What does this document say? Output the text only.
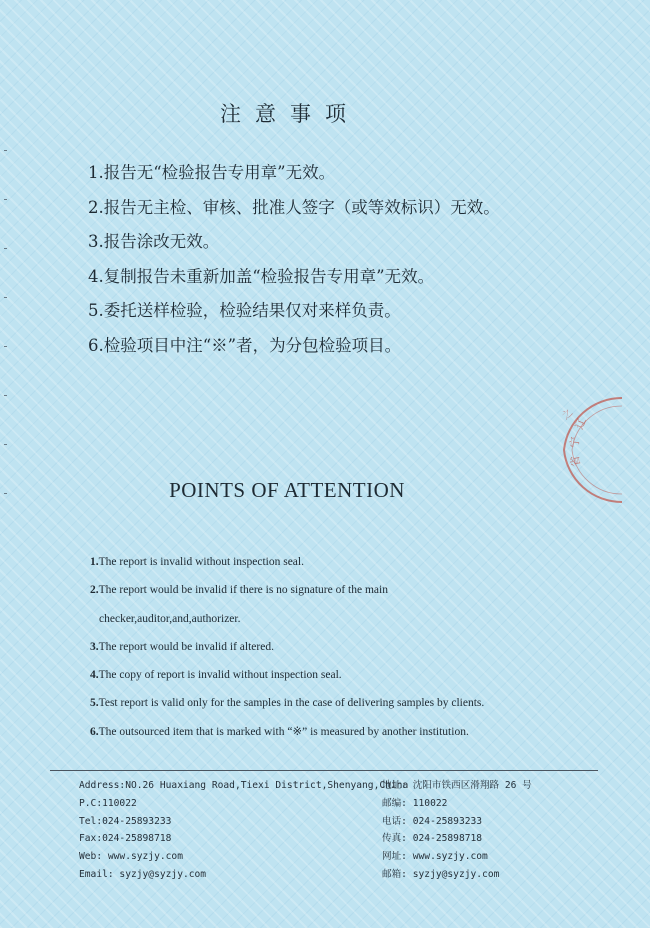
注意事项
1.报告无“检验报告专用章”无效。
2.报告无主检、审核、批准人签字（或等效标识）无效。
3.报告涂改无效。
4.复制报告未重新加盖“检验报告专用章”无效。
5.委托送样检验，检验结果仅对来样负责。
6.检验项目中注“※”者，为分包检验项目。
辽
宁
省
之
POINTS OF ATTENTION
1.The report is invalid without inspection seal.
2.The report would be invalid if there is no signature of the main
checker,auditor,and,authorizer.
3.The report would be invalid if altered.
4.The copy of report is invalid without inspection seal.
5.Test report is valid only for the samples in the case of delivering samples by clients.
6.The outsourced item that is marked with “※” is measured by another institution.
Address:NO.26 Huaxiang Road,Tiexi District,Shenyang,China
P.C:110022
Tel:024-25893233
Fax:024-25898718
Web: www.syzjy.com
Email: syzjy@syzjy.com
地址: 沈阳市铁西区滑翔路 26 号
邮编: 110022
电话: 024-25893233
传真: 024-25898718
网址: www.syzjy.com
邮箱: syzjy@syzjy.com
